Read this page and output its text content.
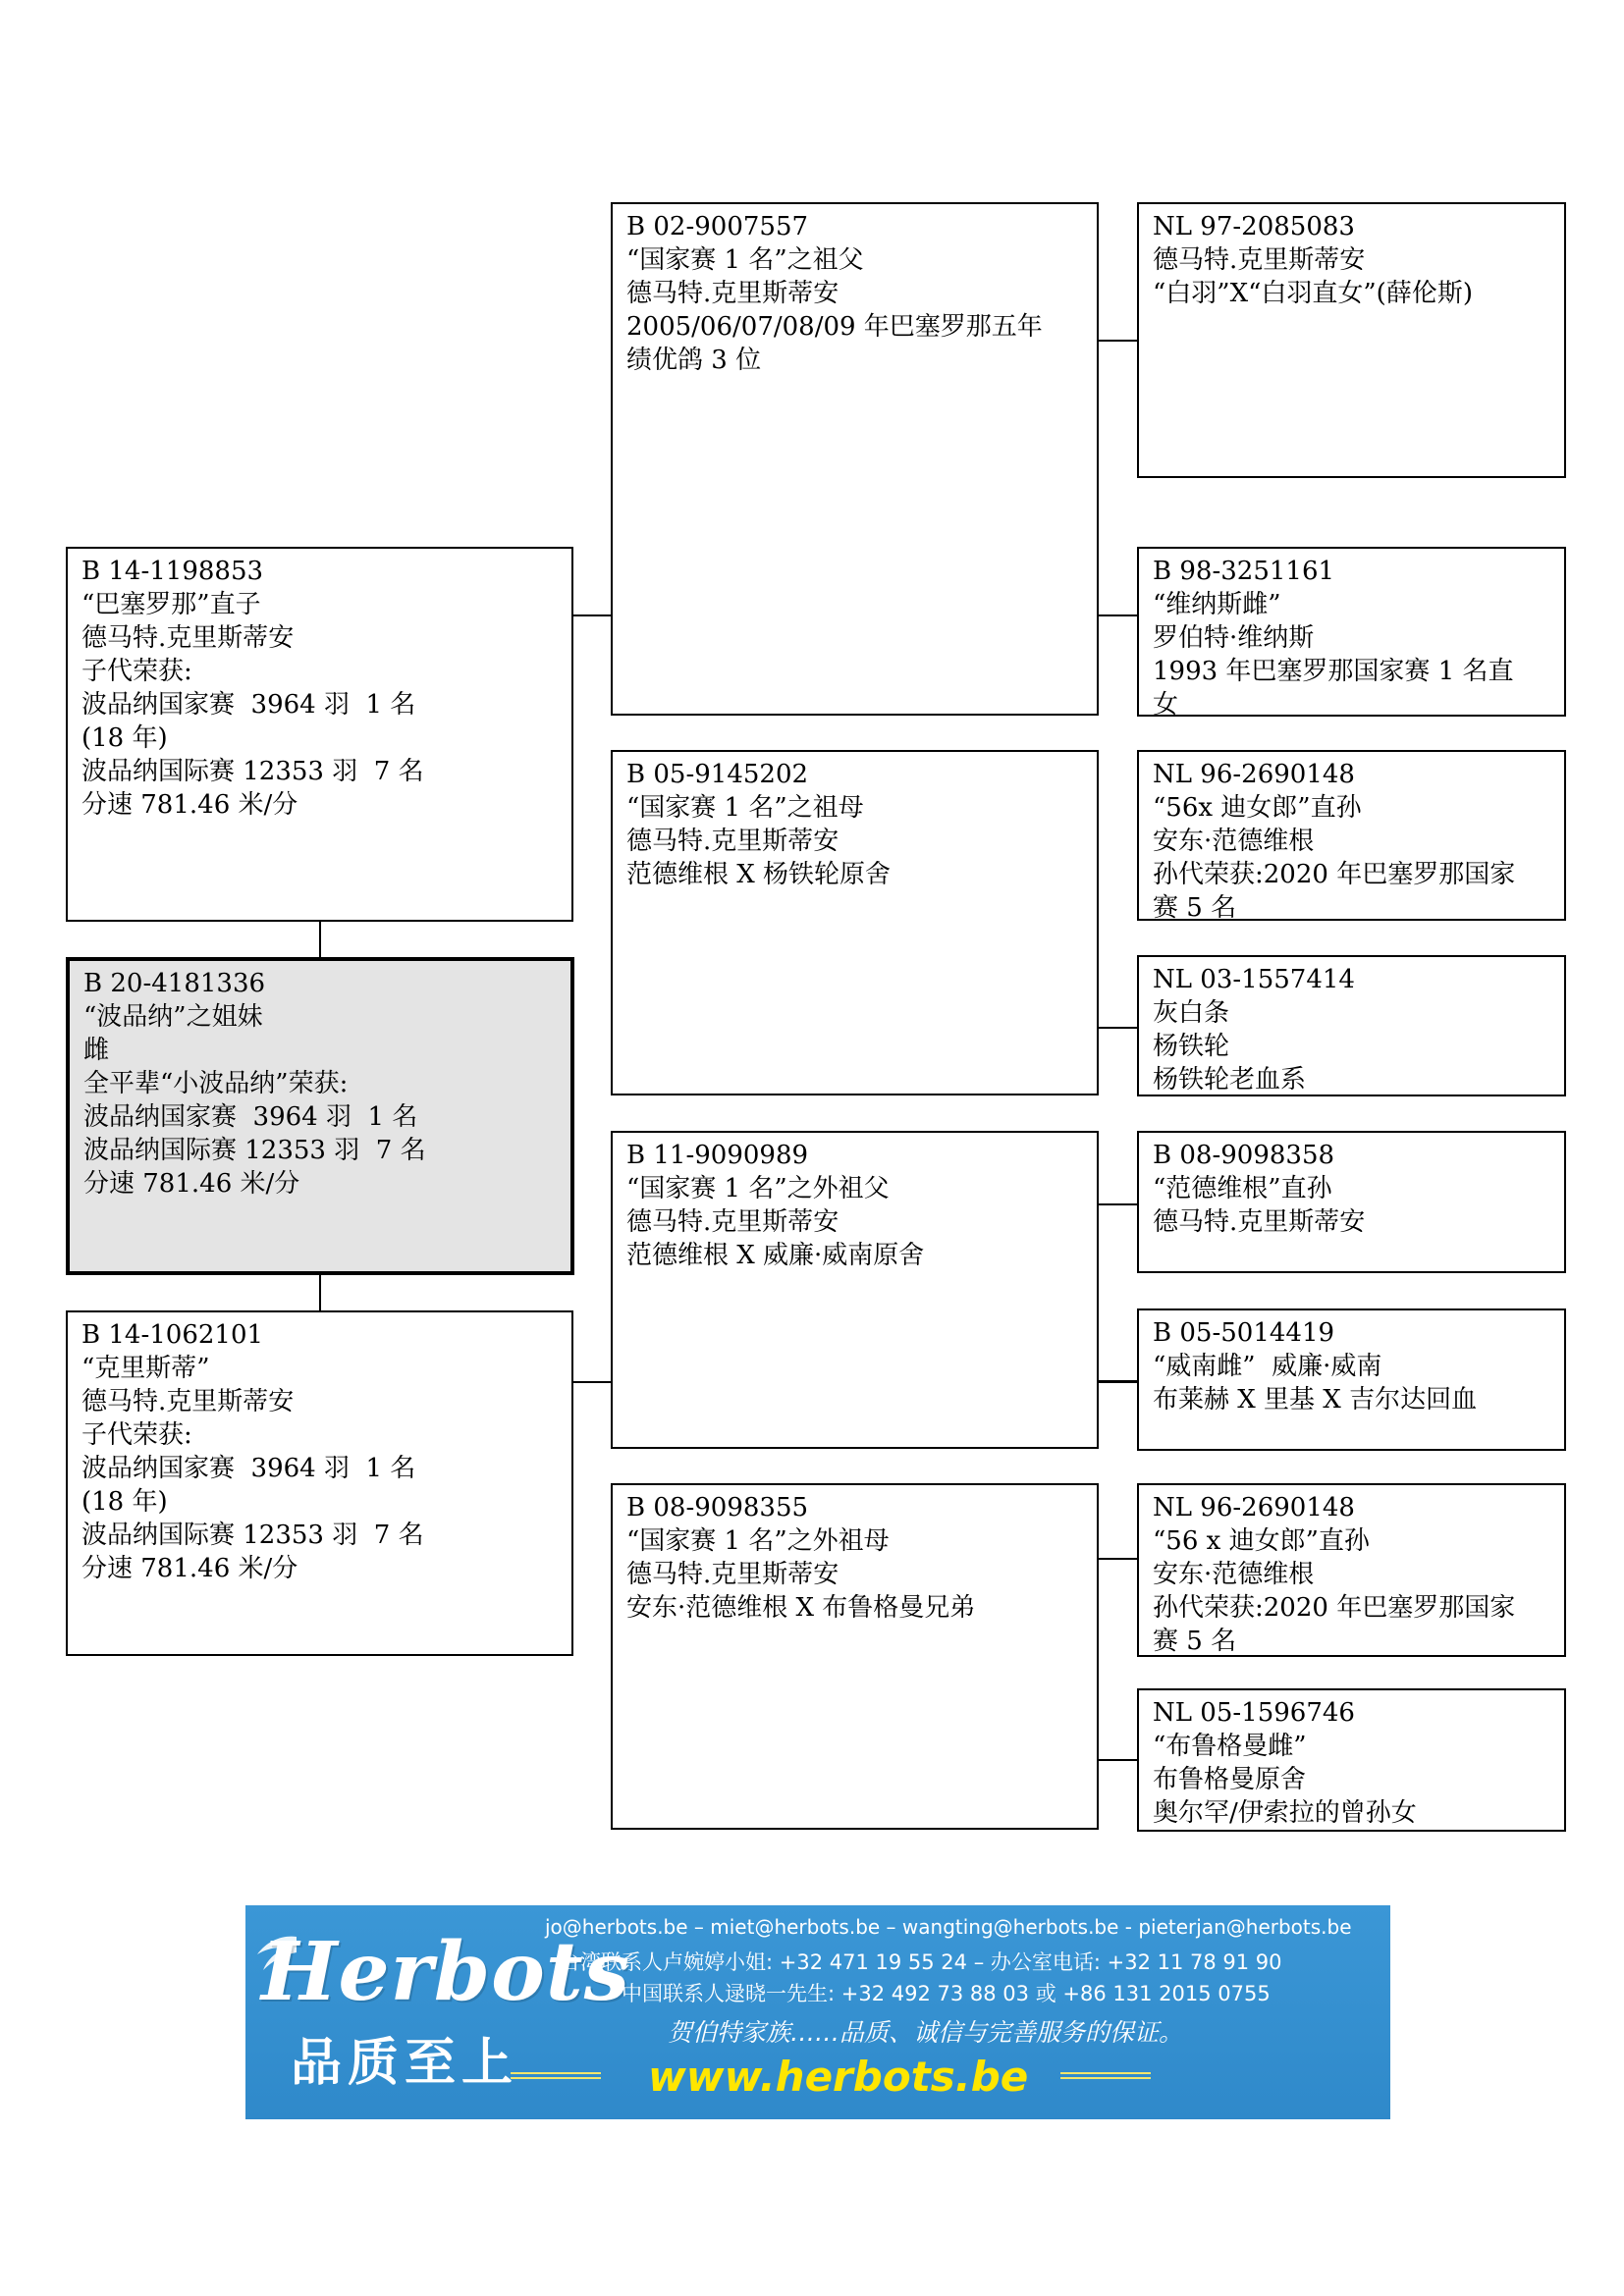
B 14-1198853
“巴塞罗那”直子
德马特.克里斯蒂安
子代荣获:
波品纳国家赛  3964 羽  1 名
(18 年)
波品纳国际赛 12353 羽  7 名
分速 781.46 米/分
B 20-4181336
“波品纳”之姐妹
雌
全平辈“小波品纳”荣获:
波品纳国家赛  3964 羽  1 名
波品纳国际赛 12353 羽  7 名
分速 781.46 米/分
B 14-1062101
“克里斯蒂”
德马特.克里斯蒂安
子代荣获:
波品纳国家赛  3964 羽  1 名
(18 年)
波品纳国际赛 12353 羽  7 名
分速 781.46 米/分
B 02-9007557
“国家赛 1 名”之祖父
德马特.克里斯蒂安
2005/06/07/08/09 年巴塞罗那五年
绩优鸽 3 位
B 05-9145202
“国家赛 1 名”之祖母
德马特.克里斯蒂安
范德维根 X 杨铁轮原舍
B 11-9090989
“国家赛 1 名”之外祖父
德马特.克里斯蒂安
范德维根 X 威廉·威南原舍
B 08-9098355
“国家赛 1 名”之外祖母
德马特.克里斯蒂安
安东·范德维根 X 布鲁格曼兄弟
NL 97-2085083
德马特.克里斯蒂安
“白羽”X“白羽直女”(薛伦斯)
B 98-3251161
“维纳斯雌”
罗伯特·维纳斯
1993 年巴塞罗那国家赛 1 名直
女
NL 96-2690148
“56x 迪女郎”直孙
安东·范德维根
孙代荣获:2020 年巴塞罗那国家
赛 5 名
NL 03-1557414
灰白条
杨铁轮
杨铁轮老血系
B 08-9098358
“范德维根”直孙
德马特.克里斯蒂安
B 05-5014419
“威南雌”  威廉·威南
布莱赫 X 里基 X 吉尔达回血
NL 96-2690148
“56 x 迪女郎”直孙
安东·范德维根
孙代荣获:2020 年巴塞罗那国家
赛 5 名
NL 05-1596746
“布鲁格曼雌”
布鲁格曼原舍
奥尔罕/伊索拉的曾孙女
Herbots
品质至上
jo@herbots.be – miet@herbots.be – wangting@herbots.be - pieterjan@herbots.be
台湾联系人卢婉婷小姐: +32 471 19 55 24 – 办公室电话: +32 11 78 91 90
中国联系人逯晓一先生: +32 492 73 88 03 或 +86 131 2015 0755
贺伯特家族……品质、诚信与完善服务的保证。
www.herbots.be
